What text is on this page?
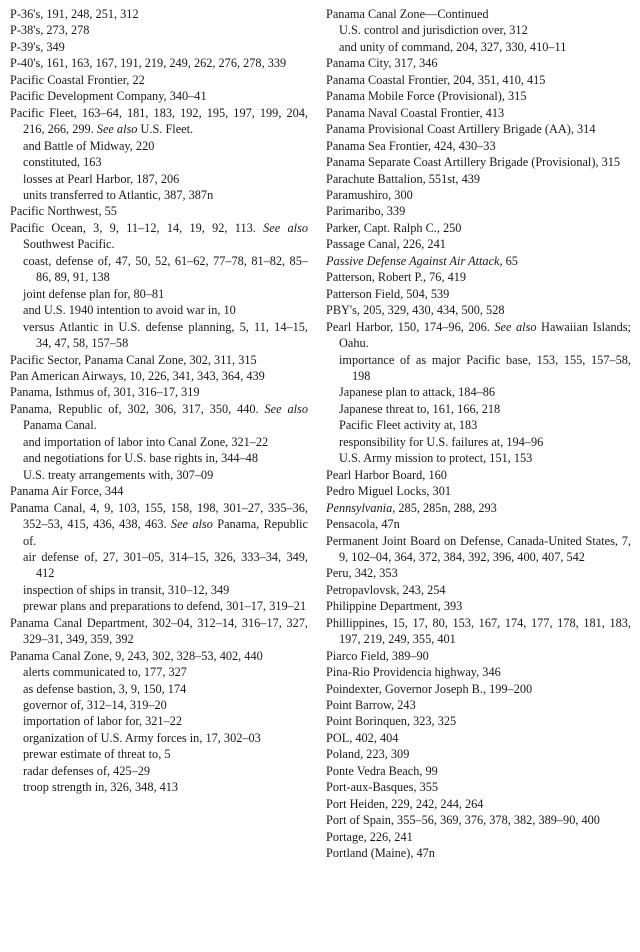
P-36's, 191, 248, 251, 312
P-38's, 273, 278
P-39's, 349
P-40's, 161, 163, 167, 191, 219, 249, 262, 276, 278, 339
Pacific Coastal Frontier, 22
Pacific Development Company, 340–41
Pacific Fleet, 163–64, 181, 183, 192, 195, 197, 199, 204, 216, 266, 299. See also U.S. Fleet.
and Battle of Midway, 220
constituted, 163
losses at Pearl Harbor, 187, 206
units transferred to Atlantic, 387, 387n
Pacific Northwest, 55
Pacific Ocean, 3, 9, 11–12, 14, 19, 92, 113. See also Southwest Pacific.
coast, defense of, 47, 50, 52, 61–62, 77–78, 81–82, 85–86, 89, 91, 138
joint defense plan for, 80–81
and U.S. 1940 intention to avoid war in, 10
versus Atlantic in U.S. defense planning, 5, 11, 14–15, 34, 47, 58, 157–58
Pacific Sector, Panama Canal Zone, 302, 311, 315
Pan American Airways, 10, 226, 341, 343, 364, 439
Panama, Isthmus of, 301, 316–17, 319
Panama, Republic of, 302, 306, 317, 350, 440. See also Panama Canal.
and importation of labor into Canal Zone, 321–22
and negotiations for U.S. base rights in, 344–48
U.S. treaty arrangements with, 307–09
Panama Air Force, 344
Panama Canal, 4, 9, 103, 155, 158, 198, 301–27, 335–36, 352–53, 415, 436, 438, 463. See also Panama, Republic of.
air defense of, 27, 301–05, 314–15, 326, 333–34, 349, 412
inspection of ships in transit, 310–12, 349
prewar plans and preparations to defend, 301–17, 319–21
Panama Canal Department, 302–04, 312–14, 316–17, 327, 329–31, 349, 359, 392
Panama Canal Zone, 9, 243, 302, 328–53, 402, 440
alerts communicated to, 177, 327
as defense bastion, 3, 9, 150, 174
governor of, 312–14, 319–20
importation of labor for, 321–22
organization of U.S. Army forces in, 17, 302–03
prewar estimate of threat to, 5
radar defenses of, 425–29
troop strength in, 326, 348, 413
Panama Canal Zone—Continued
U.S. control and jurisdiction over, 312
and unity of command, 204, 327, 330, 410–11
Panama City, 317, 346
Panama Coastal Frontier, 204, 351, 410, 415
Panama Mobile Force (Provisional), 315
Panama Naval Coastal Frontier, 413
Panama Provisional Coast Artillery Brigade (AA), 314
Panama Sea Frontier, 424, 430–33
Panama Separate Coast Artillery Brigade (Provisional), 315
Parachute Battalion, 551st, 439
Paramushiro, 300
Parimaribo, 339
Parker, Capt. Ralph C., 250
Passage Canal, 226, 241
Passive Defense Against Air Attack, 65
Patterson, Robert P., 76, 419
Patterson Field, 504, 539
PBY's, 205, 329, 430, 434, 500, 528
Pearl Harbor, 150, 174–96, 206. See also Hawaiian Islands; Oahu.
importance of as major Pacific base, 153, 155, 157–58, 198
Japanese plan to attack, 184–86
Japanese threat to, 161, 166, 218
Pacific Fleet activity at, 183
responsibility for U.S. failures at, 194–96
U.S. Army mission to protect, 151, 153
Pearl Harbor Board, 160
Pedro Miguel Locks, 301
Pennsylvania, 285, 285n, 288, 293
Pensacola, 47n
Permanent Joint Board on Defense, Canada-United States, 7, 9, 102–04, 364, 372, 384, 392, 396, 400, 407, 542
Peru, 342, 353
Petropavlovsk, 243, 254
Philippine Department, 393
Phillippines, 15, 17, 80, 153, 167, 174, 177, 178, 181, 183, 197, 219, 249, 355, 401
Piarco Field, 389–90
Pina-Rio Providencia highway, 346
Poindexter, Governor Joseph B., 199–200
Point Barrow, 243
Point Borinquen, 323, 325
POL, 402, 404
Poland, 223, 309
Ponte Vedra Beach, 99
Port-aux-Basques, 355
Port Heiden, 229, 242, 244, 264
Port of Spain, 355–56, 369, 376, 378, 382, 389–90, 400
Portage, 226, 241
Portland (Maine), 47n
